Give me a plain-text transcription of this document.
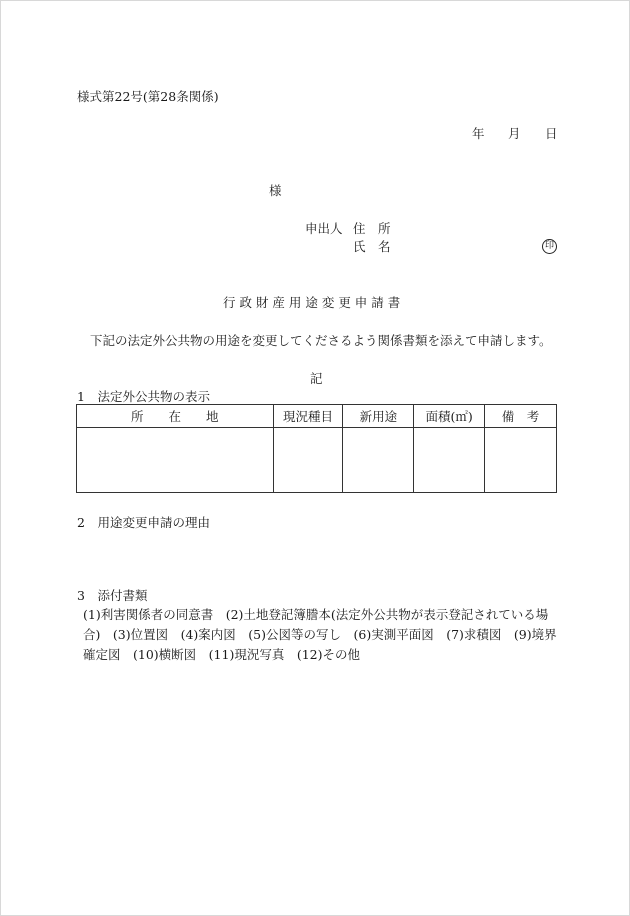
様式第22号(第28条関係)
年 月 日
様
申出人 住　所
氏　名	印
行 政 財 産 用 途 変 更 申 請 書
下記の法定外公共物の用途を変更してくださるよう関係書類を添えて申請します。
記
1　法定外公共物の表示
所　　在　　地	現況種目	新用途	面積(㎡)	備　考

2　用途変更申請の理由
3　添付書類
(1)利害関係者の同意書　(2)土地登記簿謄本(法定外公共物が表示登記されている場合)　(3)位置図　(4)案内図　(5)公図等の写し　(6)実測平面図　(7)求積図　(9)境界確定図　(10)横断図　(11)現況写真　(12)その他
